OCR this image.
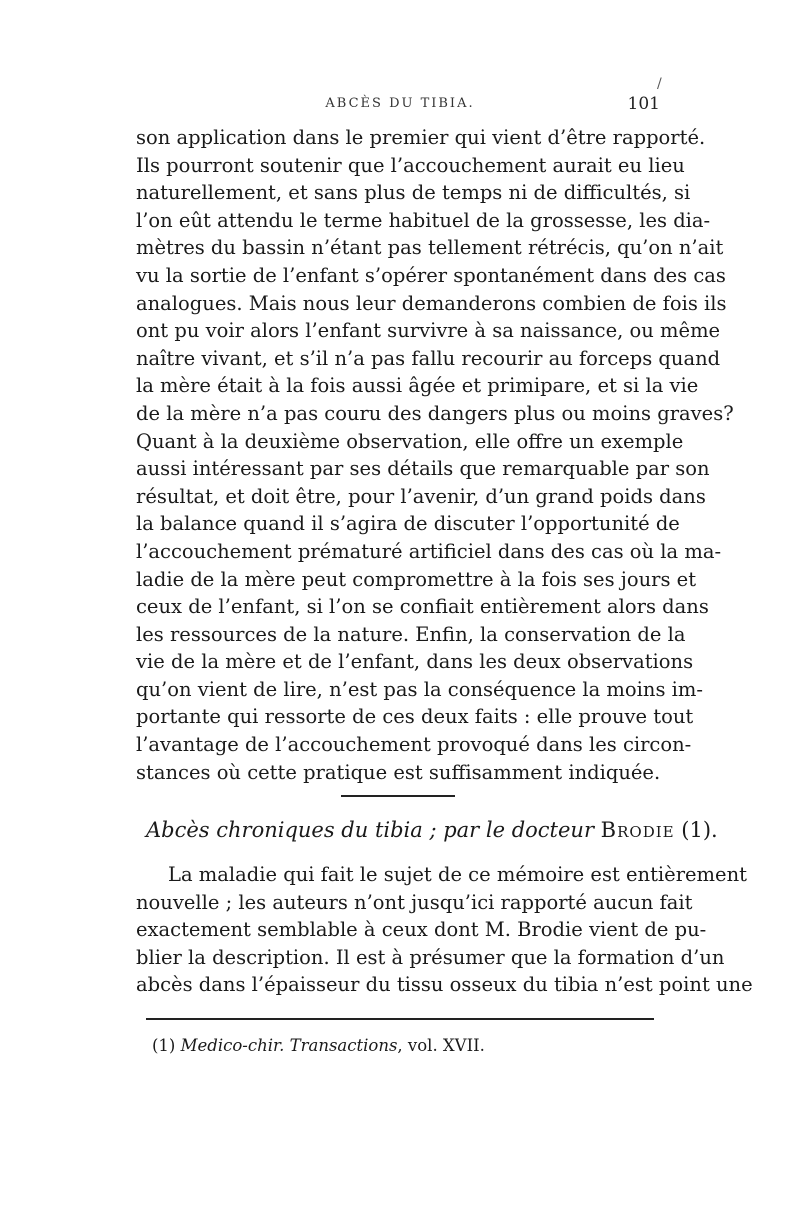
/
ABCÈS DU TIBIA.	101

son application dans le premier qui vient d’être rapporté.
Ils pourront soutenir que l’accouchement aurait eu lieu
naturellement, et sans plus de temps ni de difficultés, si
l’on eût attendu le terme habituel de la grossesse, les dia-
mètres du bassin n’étant pas tellement rétrécis, qu’on n’ait
vu la sortie de l’enfant s’opérer spontanément dans des cas
analogues. Mais nous leur demanderons combien de fois ils
ont pu voir alors l’enfant survivre à sa naissance, ou même
naître vivant, et s’il n’a pas fallu recourir au forceps quand
la mère était à la fois aussi âgée et primipare, et si la vie
de la mère n’a pas couru des dangers plus ou moins graves?
Quant à la deuxième observation, elle offre un exemple
aussi intéressant par ses détails que remarquable par son
résultat, et doit être, pour l’avenir, d’un grand poids dans
la balance quand il s’agira de discuter l’opportunité de
l’accouchement prématuré artificiel dans des cas où la ma-
ladie de la mère peut compromettre à la fois ses jours et
ceux de l’enfant, si l’on se confiait entièrement alors dans
les ressources de la nature. Enfin, la conservation de la
vie de la mère et de l’enfant, dans les deux observations
qu’on vient de lire, n’est pas la conséquence la moins im-
portante qui ressorte de ces deux faits : elle prouve tout
l’avantage de l’accouchement provoqué dans les circon-
stances où cette pratique est suffisamment indiquée.

Abcès chroniques du tibia ; par le docteur Brodie (1).
La maladie qui fait le sujet de ce mémoire est entièrement
nouvelle ; les auteurs n’ont jusqu’ici rapporté aucun fait
exactement semblable à ceux dont M. Brodie vient de pu-
blier la description. Il est à présumer que la formation d’un
abcès dans l’épaisseur du tissu osseux du tibia n’est point une
(1) Medico-chir. Transactions, vol. XVII.
